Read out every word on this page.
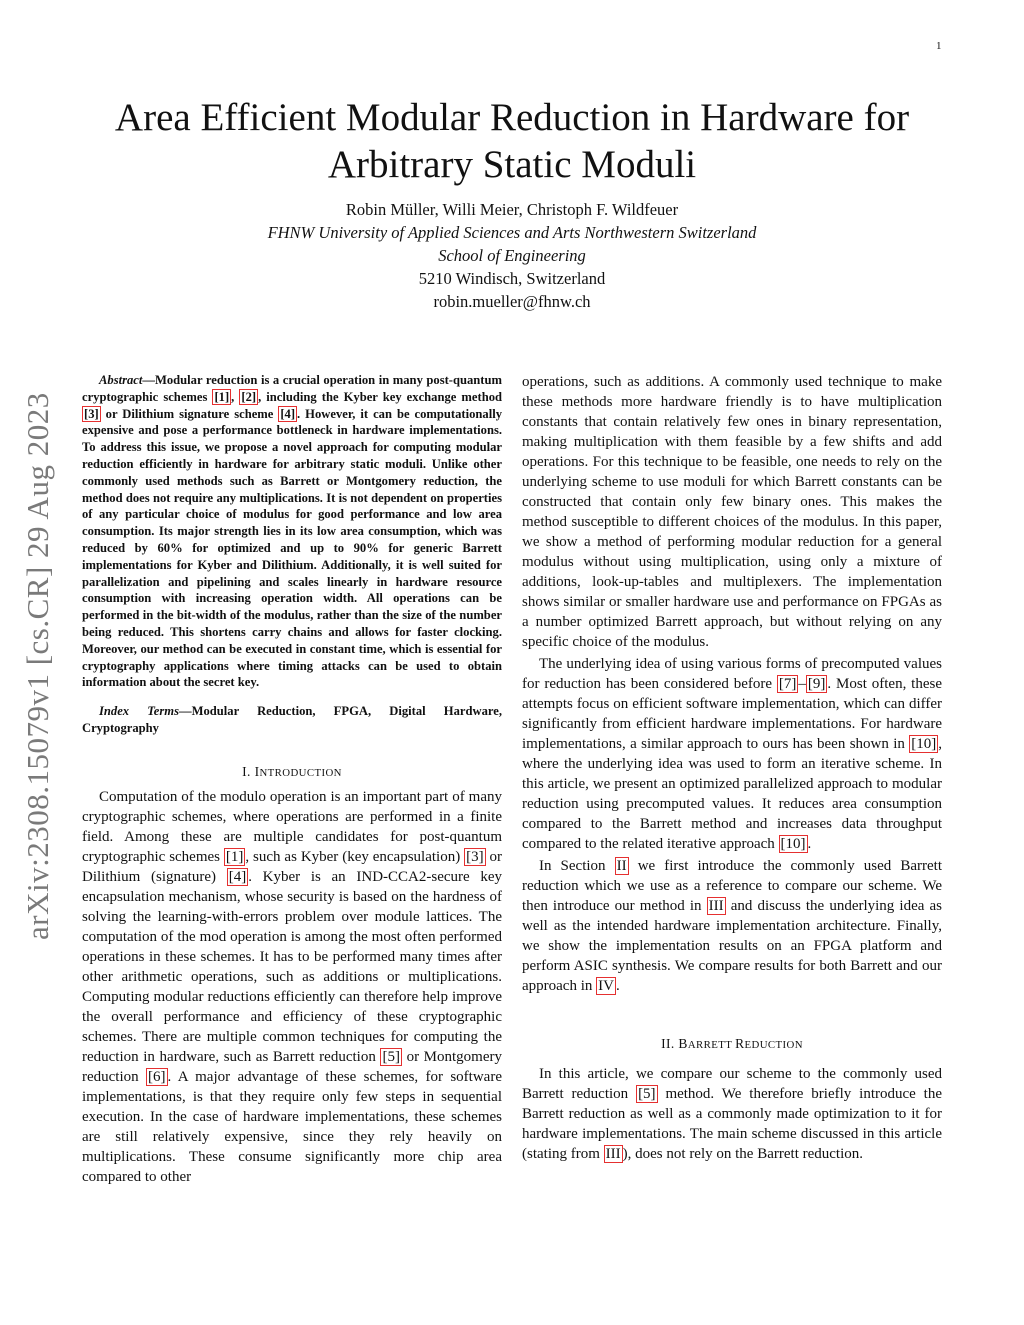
1
arXiv:2308.15079v1 [cs.CR] 29 Aug 2023
Area Efficient Modular Reduction in Hardware for
Arbitrary Static Moduli
Robin Müller, Willi Meier, Christoph F. Wildfeuer
FHNW University of Applied Sciences and Arts Northwestern Switzerland
School of Engineering
5210 Windisch, Switzerland
robin.mueller@fhnw.ch

Abstract—Modular reduction is a crucial operation in many post-quantum cryptographic schemes [1] , [2] , including the Kyber key exchange method [3] or Dilithium signature scheme [4] . However, it can be computationally expensive and pose a performance bottleneck in hardware implementations. To address this issue, we propose a novel approach for computing modular reduction efficiently in hardware for arbitrary static moduli. Unlike other commonly used methods such as Barrett or Montgomery reduction, the method does not require any multiplications. It is not dependent on properties of any particular choice of modulus for good performance and low area consumption. Its major strength lies in its low area consumption, which was reduced by 60% for optimized and up to 90% for generic Barrett implementations for Kyber and Dilithium. Additionally, it is well suited for parallelization and pipelining and scales linearly in hardware resource consumption with increasing operation width. All operations can be performed in the bit-width of the modulus, rather than the size of the number being reduced. This shortens carry chains and allows for faster clocking. Moreover, our method can be executed in constant time, which is essential for cryptography applications where timing attacks can be used to obtain information about the secret key.

Index Terms—Modular Reduction, FPGA, Digital Hardware, Cryptography

I. INTRODUCTION

Computation of the modulo operation is an important part of many cryptographic schemes, where operations are performed in a finite field. Among these are multiple candidates for post-quantum cryptographic schemes [1] , such as Kyber (key encapsulation) [3] or Dilithium (signature) [4] . Kyber is an IND-CCA2-secure key encapsulation mechanism, whose security is based on the hardness of solving the learning-with-errors problem over module lattices. The computation of the mod operation is among the most often performed operations in these schemes. It has to be performed many times after other arithmetic operations, such as additions or multiplications. Computing modular reductions efficiently can therefore help improve the overall performance and efficiency of these cryptographic schemes. There are multiple common techniques for computing the reduction in hardware, such as Barrett reduction [5] or Montgomery reduction [6] . A major advantage of these schemes, for software implementations, is that they require only few steps in sequential execution. In the case of hardware implementations, these schemes are still relatively expensive, since they rely heavily on multiplications. These consume significantly more chip area compared to other

operations, such as additions. A commonly used technique to make these methods more hardware friendly is to have multiplication constants that contain relatively few ones in binary representation, making multiplication with them feasible by a few shifts and add operations. For this technique to be feasible, one needs to rely on the underlying scheme to use moduli for which Barrett constants can be constructed that contain only few binary ones. This makes the method susceptible to different choices of the modulus. In this paper, we show a method of performing modular reduction for a general modulus without using multiplication, using only a mixture of additions, look-up-tables and multiplexers. The implementation shows similar or smaller hardware use and performance on FPGAs as a number optimized Barrett approach, but without relying on any specific choice of the modulus.

The underlying idea of using various forms of precomputed values for reduction has been considered before [7] – [9] . Most often, these attempts focus on efficient software implementation, which can differ significantly from efficient hardware implementations. For hardware implementations, a similar approach to ours has been shown in [10] , where the underlying idea was used to form an iterative scheme. In this article, we present an optimized parallelized approach to modular reduction using precomputed values. It reduces area consumption compared to the Barrett method and increases data throughput compared to the related iterative approach [10] .

In Section II we first introduce the commonly used Barrett reduction which we use as a reference to compare our scheme. We then introduce our method in III and discuss the underlying idea as well as the intended hardware implementation architecture. Finally, we show the implementation results on an FPGA platform and perform ASIC synthesis. We compare results for both Barrett and our approach in IV .

II. BARRETT REDUCTION

In this article, we compare our scheme to the commonly used Barrett reduction [5] method. We therefore briefly introduce the Barrett reduction as well as a commonly made optimization to it for hardware implementations. The main scheme discussed in this article (stating from III ), does not rely on the Barrett reduction.
